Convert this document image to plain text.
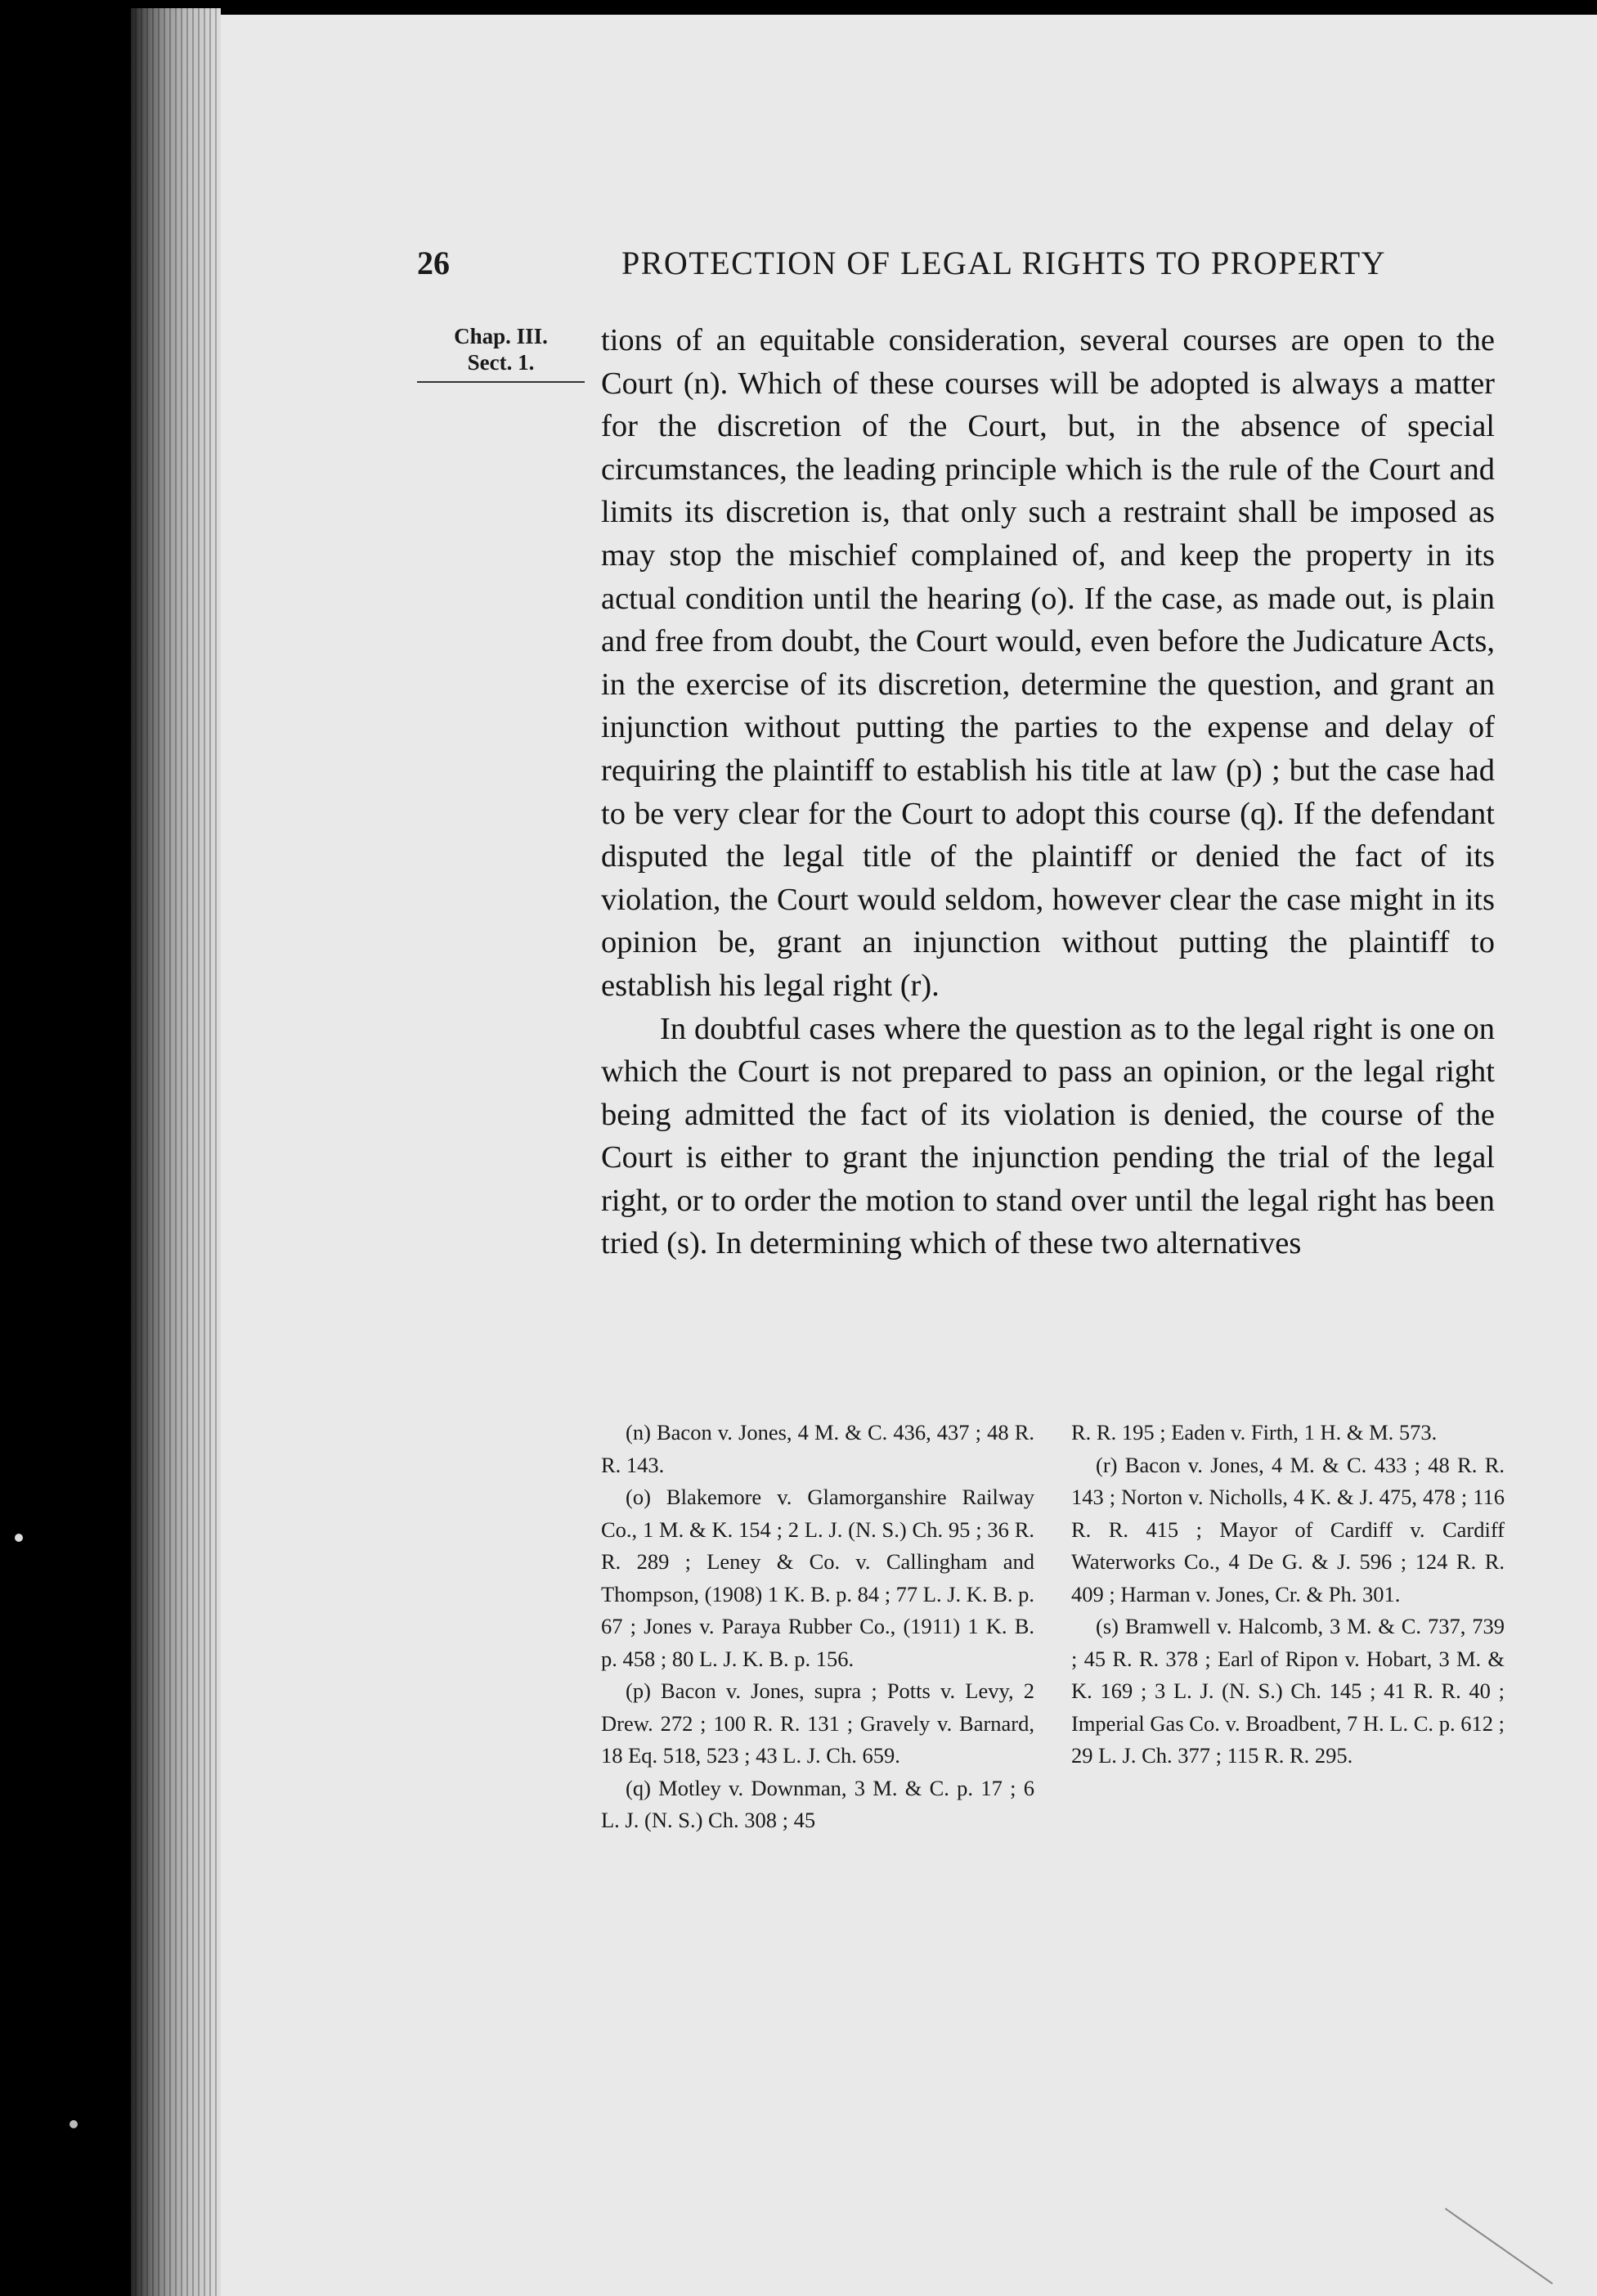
26	PROTECTION OF LEGAL RIGHTS TO PROPERTY
Chap. III.
Sect. 1.

tions of an equitable consideration, several courses are open to the Court (n). Which of these courses will be adopted is always a matter for the discretion of the Court, but, in the absence of special circumstances, the leading principle which is the rule of the Court and limits its discretion is, that only such a restraint shall be imposed as may stop the mischief complained of, and keep the property in its actual condition until the hearing (o). If the case, as made out, is plain and free from doubt, the Court would, even before the Judicature Acts, in the exercise of its discretion, determine the question, and grant an injunction without putting the parties to the expense and delay of requiring the plaintiff to establish his title at law (p) ; but the case had to be very clear for the Court to adopt this course (q). If the defendant disputed the legal title of the plaintiff or denied the fact of its violation, the Court would seldom, however clear the case might in its opinion be, grant an injunction without putting the plaintiff to establish his legal right (r).

In doubtful cases where the question as to the legal right is one on which the Court is not prepared to pass an opinion, or the legal right being admitted the fact of its violation is denied, the course of the Court is either to grant the injunction pending the trial of the legal right, or to order the motion to stand over until the legal right has been tried (s). In determining which of these two alternatives

(n) Bacon v. Jones, 4 M. & C. 436, 437 ; 48 R. R. 143.

(o) Blakemore v. Glamorganshire Railway Co., 1 M. & K. 154 ; 2 L. J. (N. S.) Ch. 95 ; 36 R. R. 289 ; Leney & Co. v. Callingham and Thompson, (1908) 1 K. B. p. 84 ; 77 L. J. K. B. p. 67 ; Jones v. Paraya Rubber Co., (1911) 1 K. B. p. 458 ; 80 L. J. K. B. p. 156.

(p) Bacon v. Jones, supra ; Potts v. Levy, 2 Drew. 272 ; 100 R. R. 131 ; Gravely v. Barnard, 18 Eq. 518, 523 ; 43 L. J. Ch. 659.

(q) Motley v. Downman, 3 M. & C. p. 17 ; 6 L. J. (N. S.) Ch. 308 ; 45

R. R. 195 ; Eaden v. Firth, 1 H. & M. 573.

(r) Bacon v. Jones, 4 M. & C. 433 ; 48 R. R. 143 ; Norton v. Nicholls, 4 K. & J. 475, 478 ; 116 R. R. 415 ; Mayor of Cardiff v. Cardiff Waterworks Co., 4 De G. & J. 596 ; 124 R. R. 409 ; Harman v. Jones, Cr. & Ph. 301.

(s) Bramwell v. Halcomb, 3 M. & C. 737, 739 ; 45 R. R. 378 ; Earl of Ripon v. Hobart, 3 M. & K. 169 ; 3 L. J. (N. S.) Ch. 145 ; 41 R. R. 40 ; Imperial Gas Co. v. Broadbent, 7 H. L. C. p. 612 ; 29 L. J. Ch. 377 ; 115 R. R. 295.
